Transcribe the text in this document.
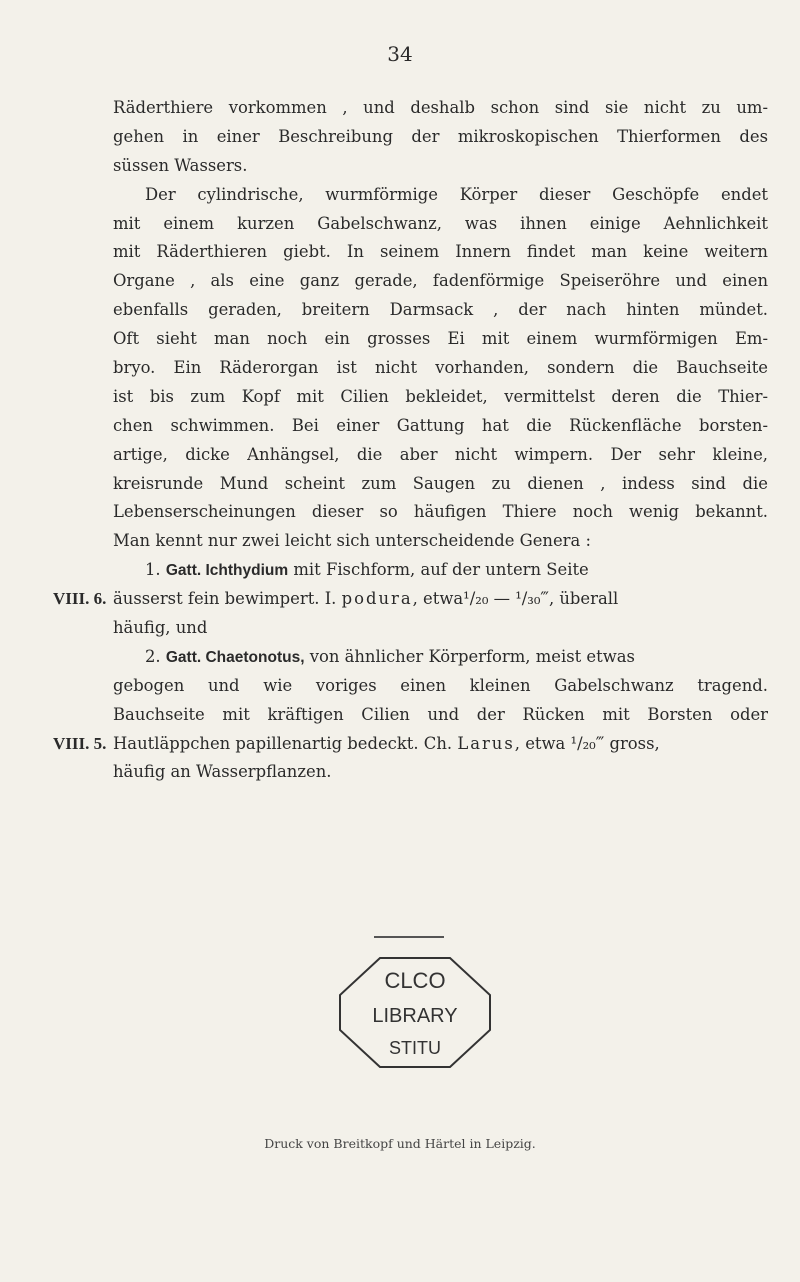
34
Räderthiere vorkommen , und deshalb schon sind sie nicht zu um-
gehen in einer Beschreibung der mikroskopischen Thierformen des
süssen Wassers.
Der cylindrische, wurmförmige Körper dieser Geschöpfe endet
mit einem kurzen Gabelschwanz, was ihnen einige Aehnlichkeit
mit Räderthieren giebt. In seinem Innern findet man keine weitern
Organe , als eine ganz gerade, fadenförmige Speiseröhre und einen
ebenfalls geraden, breitern Darmsack , der nach hinten mündet.
Oft sieht man noch ein grosses Ei mit einem wurmförmigen Em-
bryo. Ein Räderorgan ist nicht vorhanden, sondern die Bauchseite
ist bis zum Kopf mit Cilien bekleidet, vermittelst deren die Thier-
chen schwimmen. Bei einer Gattung hat die Rückenfläche borsten-
artige, dicke Anhängsel, die aber nicht wimpern. Der sehr kleine,
kreisrunde Mund scheint zum Saugen zu dienen , indess sind die
Lebenserscheinungen dieser so häufigen Thiere noch wenig bekannt.
Man kennt nur zwei leicht sich unterscheidende Genera :
1. Gatt. Ichthydium mit Fischform, auf der untern Seite
VIII. 6. äusserst fein bewimpert. I. podura, etwa¹/₂₀ — ¹/₃₀‴, überall
häufig, und
2. Gatt. Chaetonotus, von ähnlicher Körperform, meist etwas
gebogen und wie voriges einen kleinen Gabelschwanz tragend.
Bauchseite mit kräftigen Cilien und der Rücken mit Borsten oder
VIII. 5. Hautläppchen papillenartig bedeckt. Ch. Larus, etwa ¹/₂₀‴ gross,
häufig an Wasserpflanzen.
CLCO
LIBRARY
STITU
Druck von Breitkopf und Härtel in Leipzig.
